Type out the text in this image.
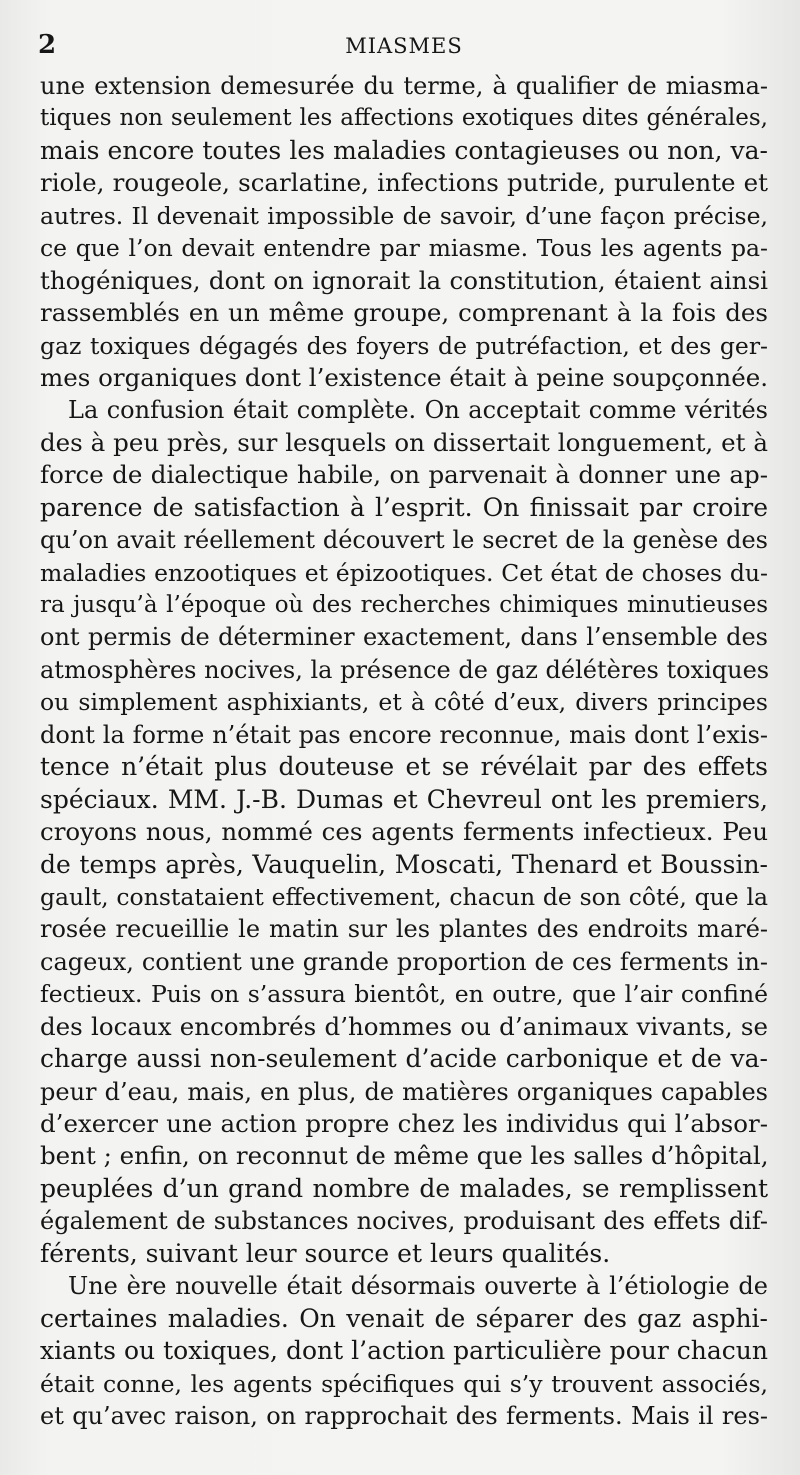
2	MIASMES
une extension demesurée du terme, à qualifier de miasma-
tiques non seulement les affections exotiques dites générales,
mais encore toutes les maladies contagieuses ou non, va-
riole, rougeole, scarlatine, infections putride, purulente et
autres. Il devenait impossible de savoir, d’une façon précise,
ce que l’on devait entendre par miasme. Tous les agents pa-
thogéniques, dont on ignorait la constitution, étaient ainsi
rassemblés en un même groupe, comprenant à la fois des
gaz toxiques dégagés des foyers de putréfaction, et des ger-
mes organiques dont l’existence était à peine soupçonnée.
La confusion était complète. On acceptait comme vérités
des à peu près, sur lesquels on dissertait longuement, et à
force de dialectique habile, on parvenait à donner une ap-
parence de satisfaction à l’esprit. On finissait par croire
qu’on avait réellement découvert le secret de la genèse des
maladies enzootiques et épizootiques. Cet état de choses du-
ra jusqu’à l’époque où des recherches chimiques minutieuses
ont permis de déterminer exactement, dans l’ensemble des
atmosphères nocives, la présence de gaz délétères toxiques
ou simplement asphixiants, et à côté d’eux, divers principes
dont la forme n’était pas encore reconnue, mais dont l’exis-
tence n’était plus douteuse et se révélait par des effets
spéciaux. MM. J.-B. Dumas et Chevreul ont les premiers,
croyons nous, nommé ces agents ferments infectieux. Peu
de temps après, Vauquelin, Moscati, Thenard et Boussin-
gault, constataient effectivement, chacun de son côté, que la
rosée recueillie le matin sur les plantes des endroits maré-
cageux, contient une grande proportion de ces ferments in-
fectieux. Puis on s’assura bientôt, en outre, que l’air confiné
des locaux encombrés d’hommes ou d’animaux vivants, se
charge aussi non-seulement d’acide carbonique et de va-
peur d’eau, mais, en plus, de matières organiques capables
d’exercer une action propre chez les individus qui l’absor-
bent ; enfin, on reconnut de même que les salles d’hôpital,
peuplées d’un grand nombre de malades, se remplissent
également de substances nocives, produisant des effets dif-
férents, suivant leur source et leurs qualités.
Une ère nouvelle était désormais ouverte à l’étiologie de
certaines maladies. On venait de séparer des gaz asphi-
xiants ou toxiques, dont l’action particulière pour chacun
était conne, les agents spécifiques qui s’y trouvent associés,
et qu’avec raison, on rapprochait des ferments. Mais il res-
